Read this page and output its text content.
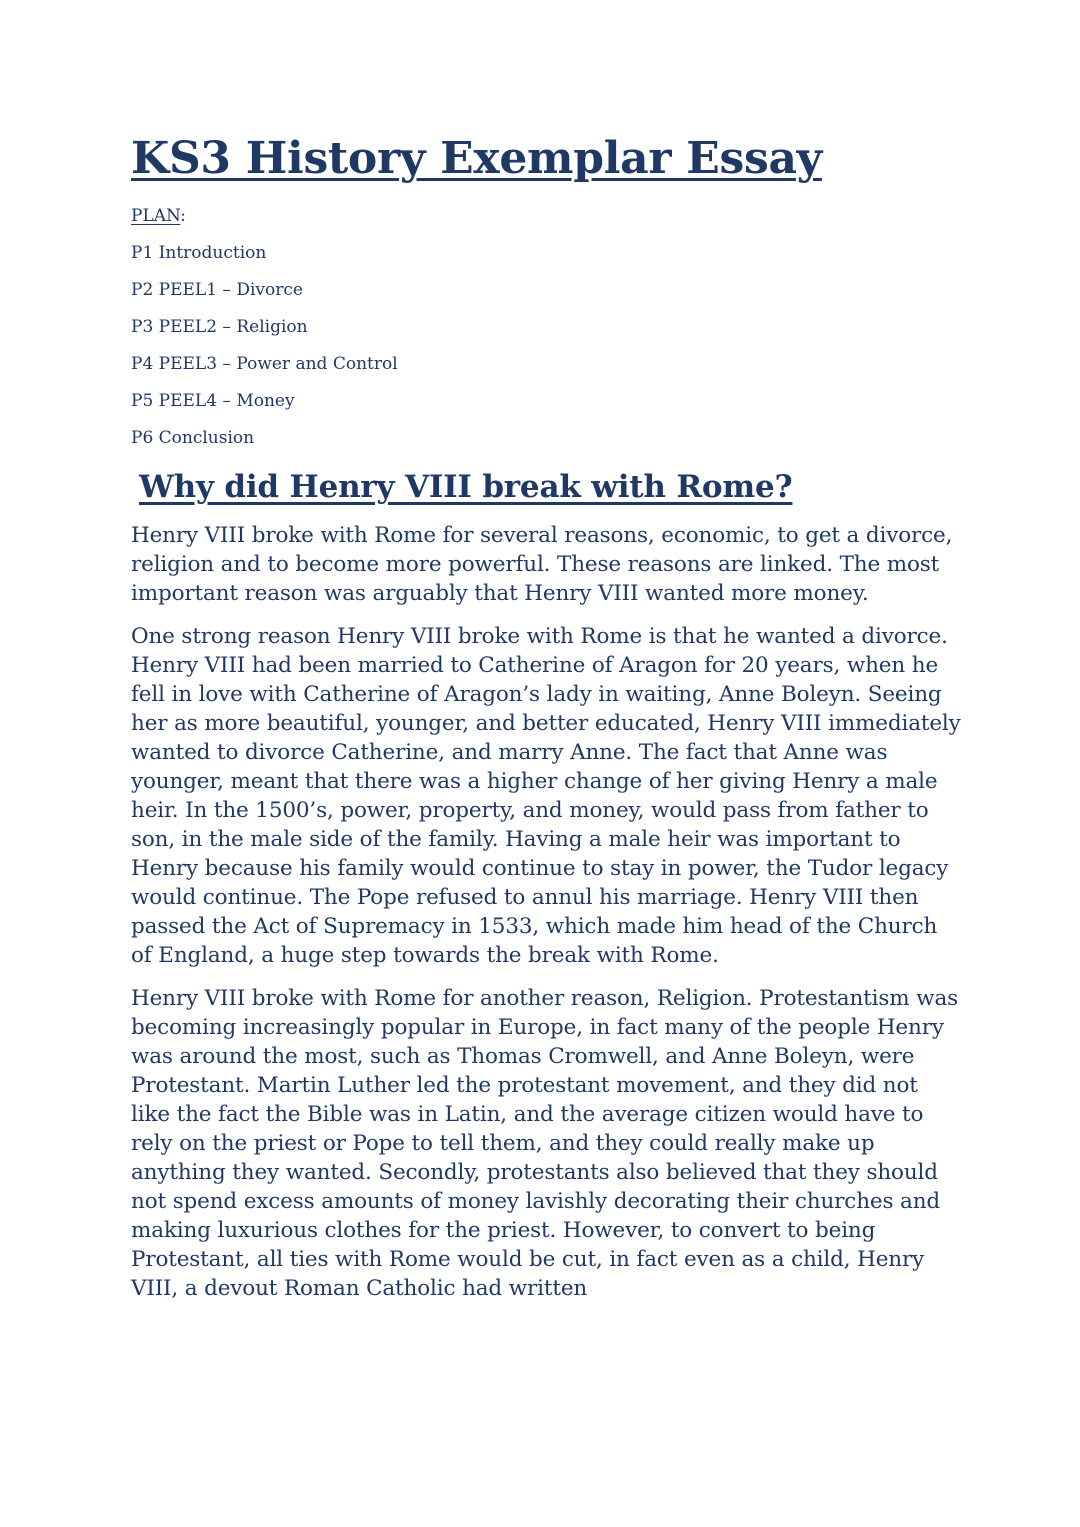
KS3 History Exemplar Essay
PLAN:
P1 Introduction
P2 PEEL1 – Divorce
P3 PEEL2 – Religion
P4 PEEL3 – Power and Control
P5 PEEL4 – Money
P6 Conclusion
Why did Henry VIII break with Rome?

Henry VIII broke with Rome for several reasons, economic, to get a divorce, religion and to become more powerful. These reasons are linked. The most important reason was arguably that Henry VIII wanted more money.

One strong reason Henry VIII broke with Rome is that he wanted a divorce. Henry VIII had been married to Catherine of Aragon for 20 years, when he fell in love with Catherine of Aragon’s lady in waiting, Anne Boleyn. Seeing her as more beautiful, younger, and better educated, Henry VIII immediately wanted to divorce Catherine, and marry Anne. The fact that Anne was younger, meant that there was a higher change of her giving Henry a male heir. In the 1500’s, power, property, and money, would pass from father to son, in the male side of the family. Having a male heir was important to Henry because his family would continue to stay in power, the Tudor legacy would continue. The Pope refused to annul his marriage. Henry VIII then passed the Act of Supremacy in 1533, which made him head of the Church of England, a huge step towards the break with Rome.

Henry VIII broke with Rome for another reason, Religion. Protestantism was becoming increasingly popular in Europe, in fact many of the people Henry was around the most, such as Thomas Cromwell, and Anne Boleyn, were Protestant. Martin Luther led the protestant movement, and they did not like the fact the Bible was in Latin, and the average citizen would have to rely on the priest or Pope to tell them, and they could really make up anything they wanted. Secondly, protestants also believed that they should not spend excess amounts of money lavishly decorating their churches and making luxurious clothes for the priest. However, to convert to being Protestant, all ties with Rome would be cut, in fact even as a child, Henry VIII, a devout Roman Catholic had written
